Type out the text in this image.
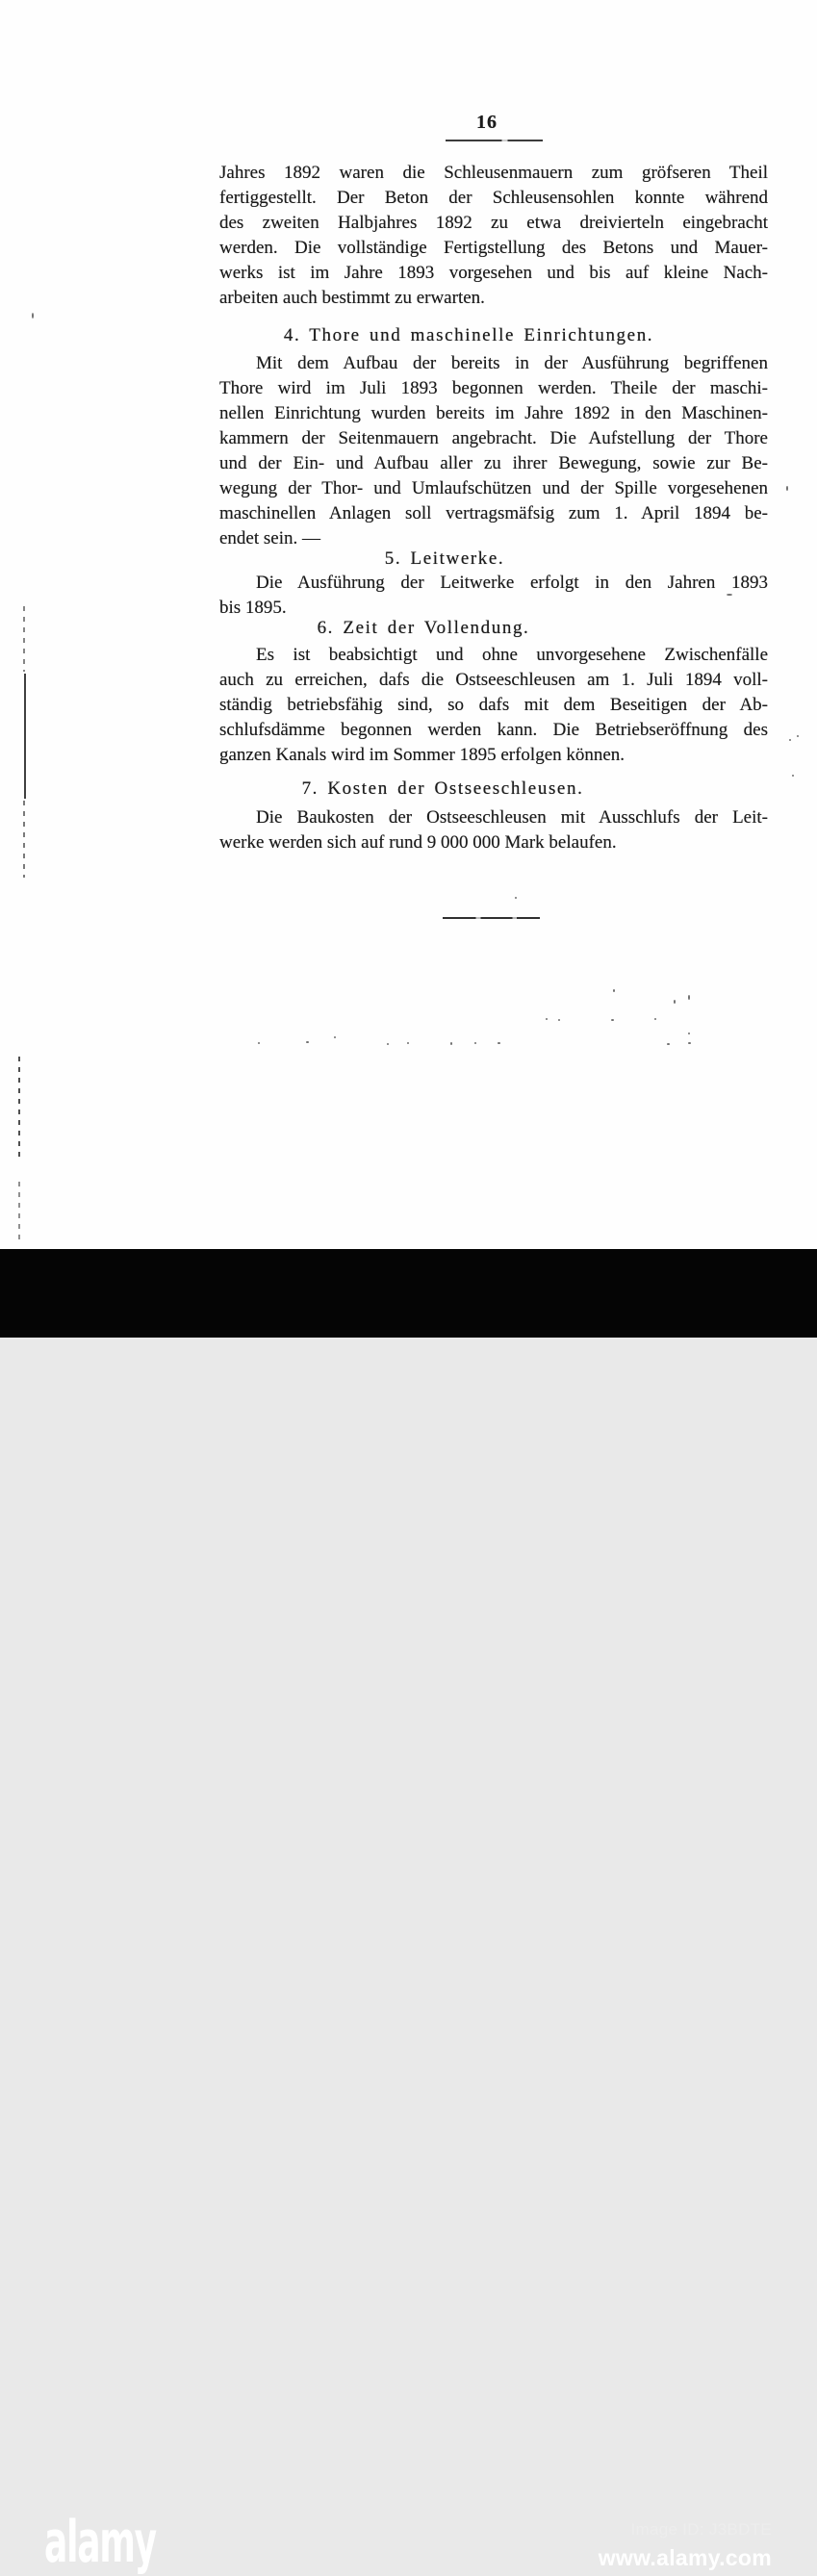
16
Jahres 1892 waren die Schleusenmauern zum gröfseren Theil
fertiggestellt. Der Beton der Schleusensohlen konnte während
des zweiten Halbjahres 1892 zu etwa dreivierteln eingebracht
werden. Die vollständige Fertigstellung des Betons und Mauer-
werks ist im Jahre 1893 vorgesehen und bis auf kleine Nach-
arbeiten auch bestimmt zu erwarten.
4. Thore und maschinelle Einrichtungen.
Mit dem Aufbau der bereits in der Ausführung begriffenen
Thore wird im Juli 1893 begonnen werden. Theile der maschi-
nellen Einrichtung wurden bereits im Jahre 1892 in den Maschinen-
kammern der Seitenmauern angebracht. Die Aufstellung der Thore
und der Ein- und Aufbau aller zu ihrer Bewegung, sowie zur Be-
wegung der Thor- und Umlaufschützen und der Spille vorgesehenen
maschinellen Anlagen soll vertragsmäfsig zum 1. April 1894 be-
endet sein. —
5. Leitwerke.
Die Ausführung der Leitwerke erfolgt in den Jahren 1893
bis 1895.
6. Zeit der Vollendung.
Es ist beabsichtigt und ohne unvorgesehene Zwischenfälle
auch zu erreichen, dafs die Ostseeschleusen am 1. Juli 1894 voll-
ständig betriebsfähig sind, so dafs mit dem Beseitigen der Ab-
schlufsdämme begonnen werden kann. Die Betriebseröffnung des
ganzen Kanals wird im Sommer 1895 erfolgen können.
7. Kosten der Ostseeschleusen.
Die Baukosten der Ostseeschleusen mit Ausschlufs der Leit-
werke werden sich auf rund 9 000 000 Mark belaufen.
alamy	Image ID: J3BDTE
www.alamy.com
